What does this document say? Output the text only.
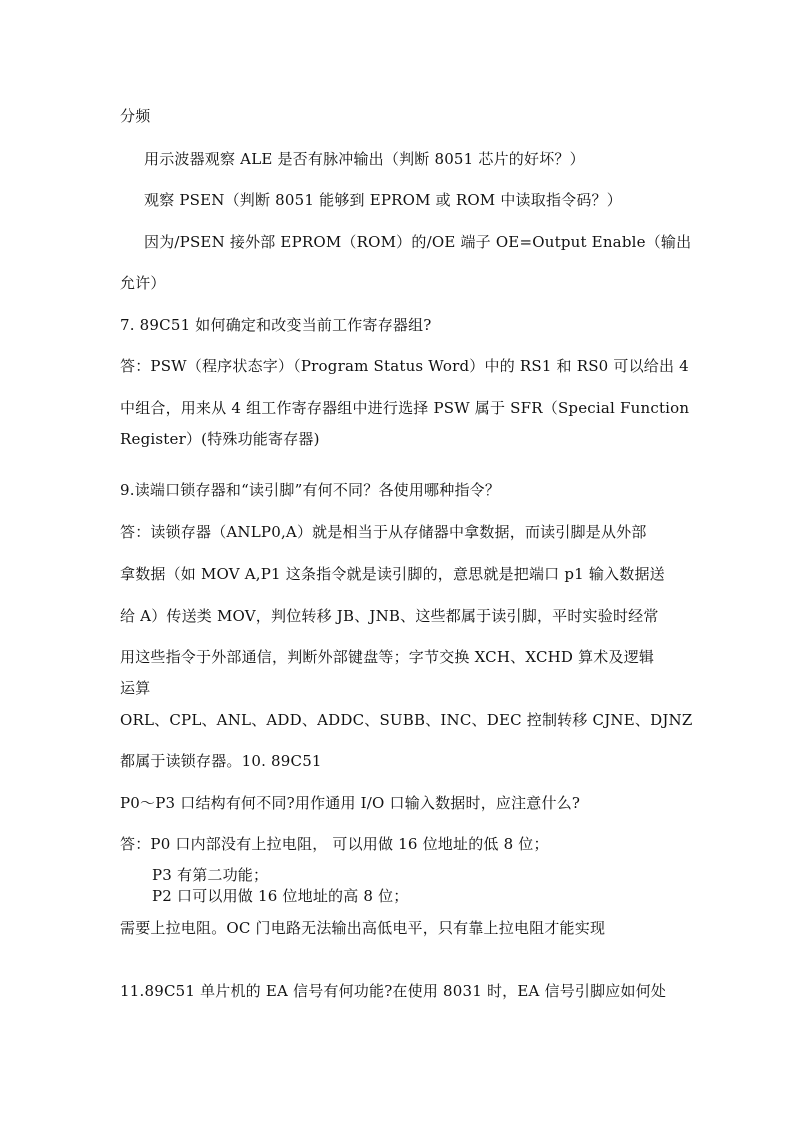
分频
用示波器观察 ALE 是否有脉冲输出（判断 8051 芯片的好坏？）
观察 PSEN（判断 8051 能够到 EPROM 或 ROM 中读取指令码？）
因为/PSEN 接外部 EPROM（ROM）的/OE 端子 OE=Output Enable（输出
允许）
7. 89C51 如何确定和改变当前工作寄存器组?
答：PSW（程序状态字）（Program Status Word）中的 RS1 和 RS0 可以给出 4
中组合，用来从 4 组工作寄存器组中进行选择 PSW 属于 SFR（Special Function
Register）(特殊功能寄存器)
9.读端口锁存器和“读引脚”有何不同？各使用哪种指令？
答：读锁存器（ANLP0,A）就是相当于从存储器中拿数据，而读引脚是从外部
拿数据（如 MOV A,P1 这条指令就是读引脚的，意思就是把端口 p1 输入数据送
给 A）传送类 MOV，判位转移 JB、JNB、这些都属于读引脚，平时实验时经常
用这些指令于外部通信，判断外部键盘等；字节交换 XCH、XCHD 算术及逻辑
运算
ORL、CPL、ANL、ADD、ADDC、SUBB、INC、DEC 控制转移 CJNE、DJNZ
都属于读锁存器。10. 89C51
P0～P3 口结构有何不同?用作通用 I/O 口输入数据时，应注意什么?
答：P0 口内部没有上拉电阻， 可以用做 16 位地址的低 8 位；
P3 有第二功能；
P2 口可以用做 16 位地址的高 8 位；
需要上拉电阻。OC 门电路无法输出高低电平，只有靠上拉电阻才能实现
11.89C51 单片机的 EA 信号有何功能?在使用 8031 时，EA 信号引脚应如何处
